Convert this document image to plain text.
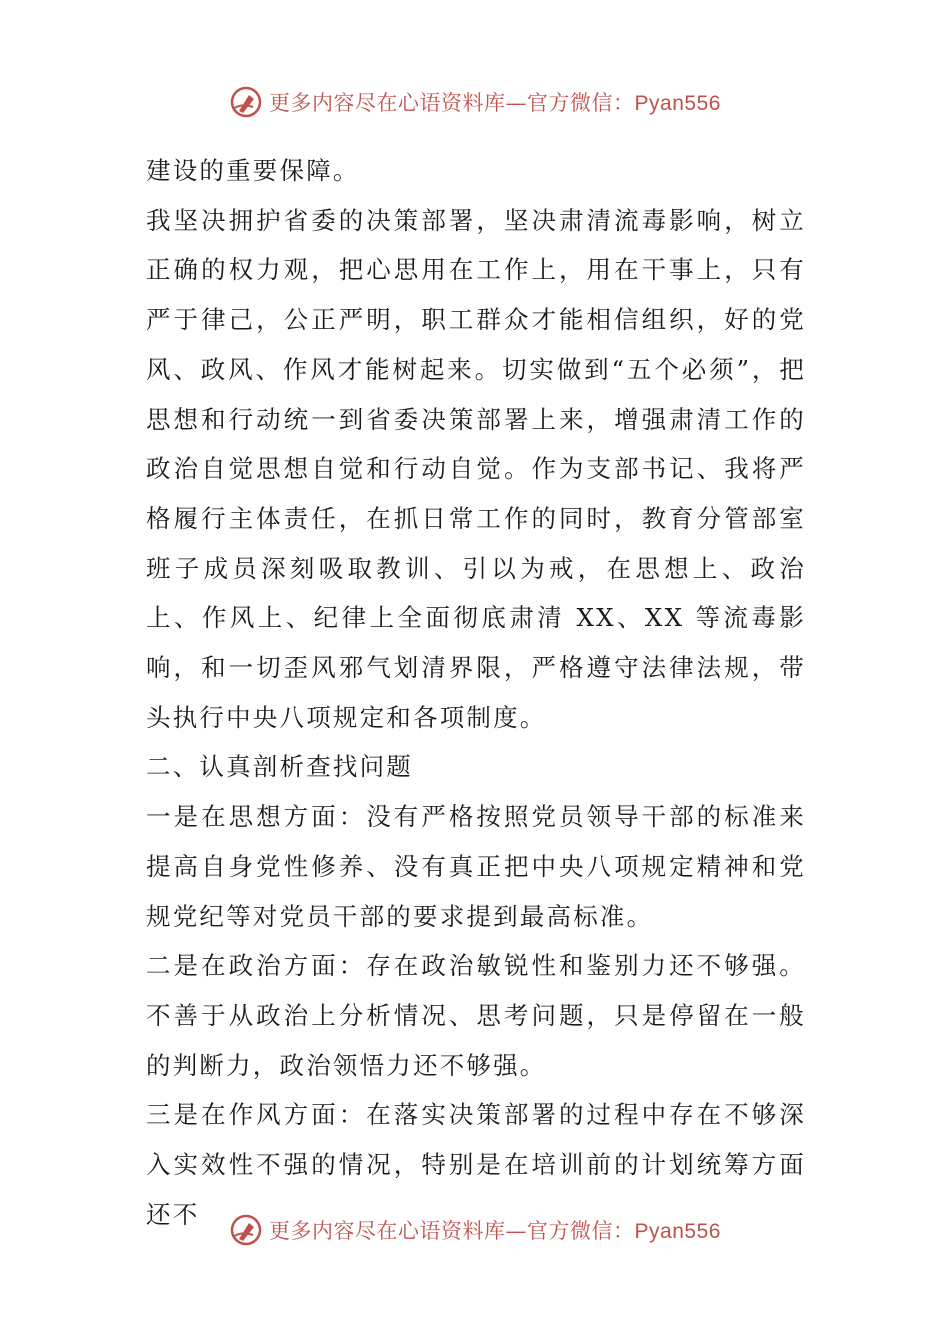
更多内容尽在心语资料库—官方微信：Pyan556

建设的重要保障。

我坚决拥护省委的决策部署，坚决肃清流毒影响，树立正确的权力观，把心思用在工作上，用在干事上，只有严于律己，公正严明，职工群众才能相信组织，好的党风、政风、作风才能树起来。切实做到“五个必须”，把思想和行动统一到省委决策部署上来，增强肃清工作的政治自觉思想自觉和行动自觉。作为支部书记、我将严格履行主体责任，在抓日常工作的同时，教育分管部室班子成员深刻吸取教训、引以为戒，在思想上、政治上、作风上、纪律上全面彻底肃清 XX、XX 等流毒影响，和一切歪风邪气划清界限，严格遵守法律法规，带头执行中央八项规定和各项制度。

二、认真剖析查找问题

一是在思想方面：没有严格按照党员领导干部的标准来提高自身党性修养、没有真正把中央八项规定精神和党规党纪等对党员干部的要求提到最高标准。

二是在政治方面：存在政治敏锐性和鉴别力还不够强。不善于从政治上分析情况、思考问题，只是停留在一般的判断力，政治领悟力还不够强。

三是在作风方面：在落实决策部署的过程中存在不够深入实效性不强的情况，特别是在培训前的计划统筹方面还不

更多内容尽在心语资料库—官方微信：Pyan556
